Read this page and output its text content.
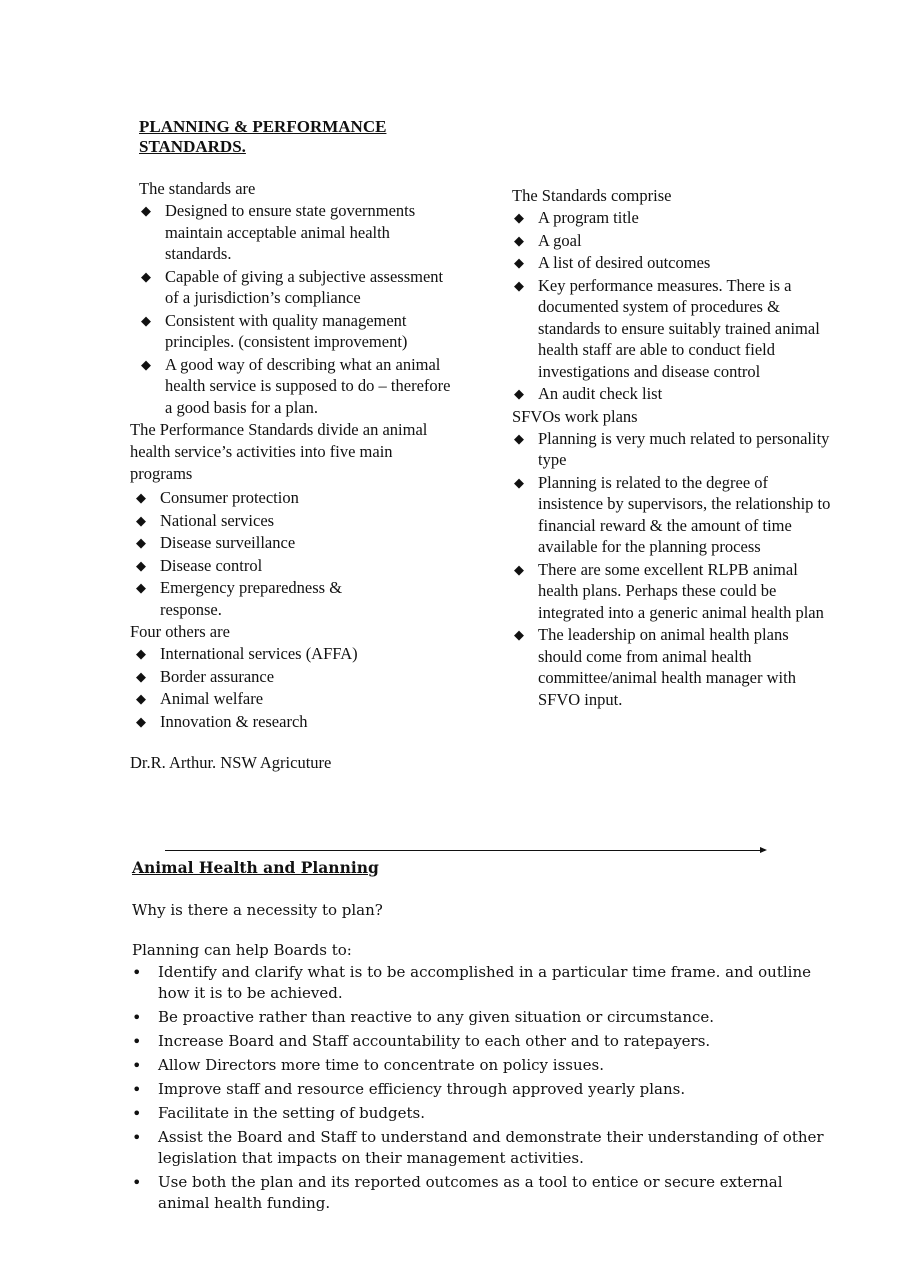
PLANNING & PERFORMANCE
STANDARDS.
The standards are
◆ Designed to ensure state governments maintain acceptable animal health standards.
◆ Capable of giving a subjective assessment of a jurisdiction’s compliance
◆ Consistent with quality management principles. (consistent improvement)
◆ A good way of describing what an animal health service is supposed to do – therefore a good basis for a plan.
The Performance Standards divide an animal health service’s activities into five main programs
◆ Consumer protection
◆ National services
◆ Disease surveillance
◆ Disease control
◆ Emergency preparedness & response.
Four others are
◆ International services (AFFA)
◆ Border assurance
◆ Animal welfare
◆ Innovation & research
Dr.R. Arthur. NSW Agricuture
The Standards comprise
◆ A program title
◆ A goal
◆ A list of desired outcomes
◆ Key performance measures. There is a documented system of procedures & standards to ensure suitably trained animal health staff are able to conduct field investigations and disease control
◆ An audit check list
SFVOs work plans
◆ Planning is very much related to personality type
◆ Planning is related to the degree of insistence by supervisors, the relationship to financial reward & the amount of time available for the planning process
◆ There are some excellent RLPB animal health plans. Perhaps these could be integrated into a generic animal health plan
◆ The leadership on animal health plans should come from animal health committee/animal health manager with SFVO input.
Animal Health and Planning
Why is there a necessity to plan?
Planning can help Boards to:
• Identify and clarify what is to be accomplished in a particular time frame. and outline how it is to be achieved.
• Be proactive rather than reactive to any given situation or circumstance.
• Increase Board and Staff accountability to each other and to ratepayers.
• Allow Directors more time to concentrate on policy issues.
• Improve staff and resource efficiency through approved yearly plans.
• Facilitate in the setting of budgets.
• Assist the Board and Staff to understand and demonstrate their understanding of other legislation that impacts on their management activities.
• Use both the plan and its reported outcomes as a tool to entice or secure external animal health funding.
